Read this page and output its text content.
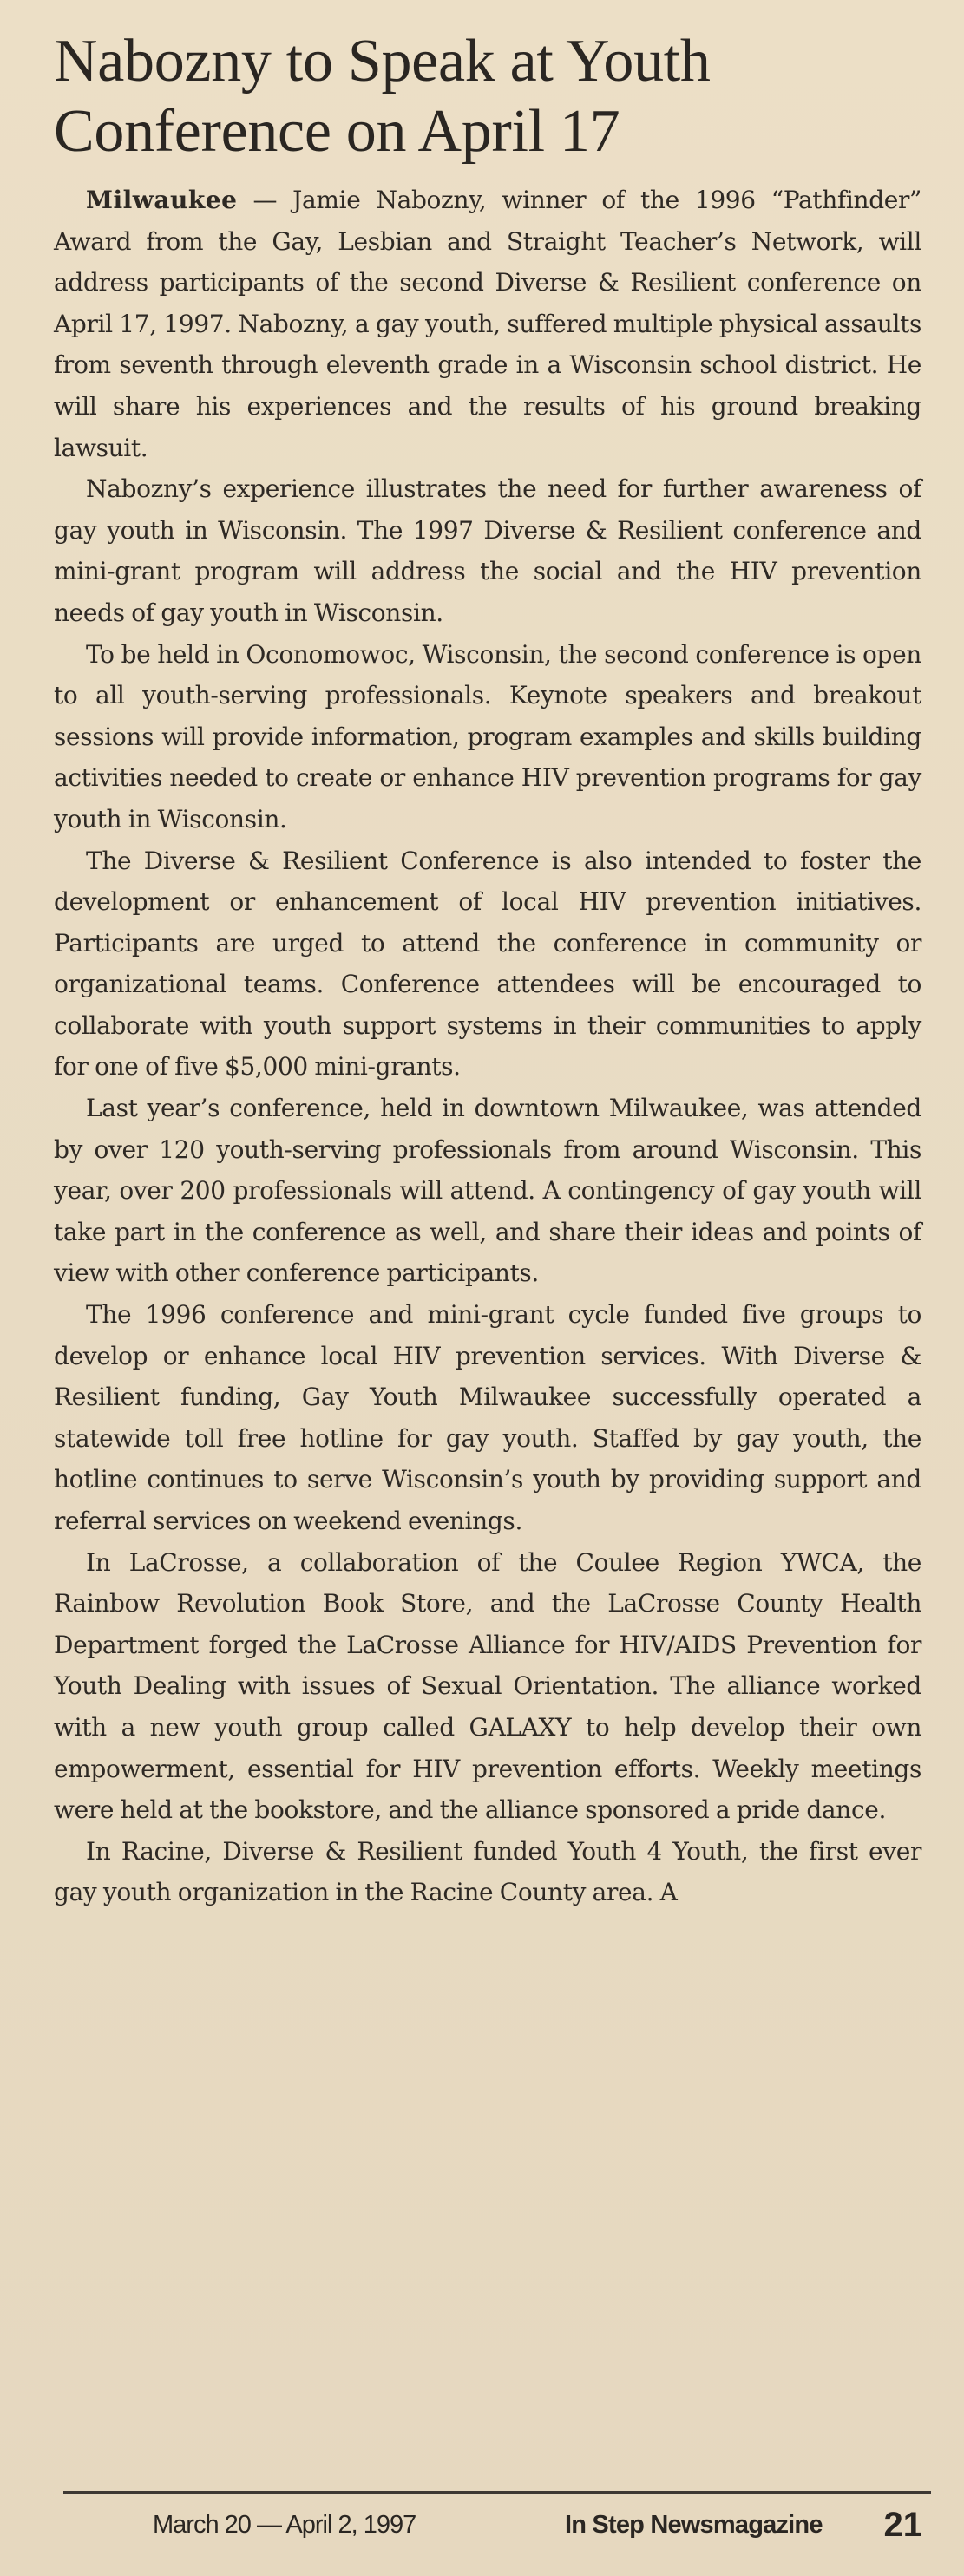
Nabozny to Speak at Youth Conference on April 17

Milwaukee — Jamie Nabozny, winner of the 1996 “Pathfinder” Award from the Gay, Lesbian and Straight Teacher’s Network, will address participants of the second Diverse & Resilient conference on April 17, 1997. Nabozny, a gay youth, suffered multiple physical assaults from seventh through eleventh grade in a Wisconsin school district. He will share his experiences and the results of his ground breaking lawsuit.

Nabozny’s experience illustrates the need for further awareness of gay youth in Wisconsin. The 1997 Diverse & Resilient conference and mini-grant program will address the social and the HIV prevention needs of gay youth in Wisconsin.

To be held in Oconomowoc, Wisconsin, the second conference is open to all youth-serving professionals. Keynote speakers and breakout sessions will provide information, program examples and skills building activities needed to create or enhance HIV prevention programs for gay youth in Wisconsin.

The Diverse & Resilient Conference is also intended to foster the development or enhancement of local HIV prevention initiatives. Participants are urged to attend the conference in community or organizational teams. Conference attendees will be encouraged to collaborate with youth support systems in their communities to apply for one of five $5,000 mini-grants.

Last year’s conference, held in downtown Milwaukee, was attended by over 120 youth-serving professionals from around Wisconsin. This year, over 200 professionals will attend. A contingency of gay youth will take part in the conference as well, and share their ideas and points of view with other conference participants.

The 1996 conference and mini-grant cycle funded five groups to develop or enhance local HIV prevention services. With Diverse & Resilient funding, Gay Youth Milwaukee successfully operated a statewide toll free hotline for gay youth. Staffed by gay youth, the hotline continues to serve Wisconsin’s youth by providing support and referral services on weekend evenings.

In LaCrosse, a collaboration of the Coulee Region YWCA, the Rainbow Revolution Book Store, and the LaCrosse County Health Department forged the LaCrosse Alliance for HIV/AIDS Prevention for Youth Dealing with issues of Sexual Orientation. The alliance worked with a new youth group called GALAXY to help develop their own empowerment, essential for HIV prevention efforts. Weekly meetings were held at the bookstore, and the alliance sponsored a pride dance.

In Racine, Diverse & Resilient funded Youth 4 Youth, the first ever gay youth organization in the Racine County area. A

March 20 — April 2, 1997	In Step Newsmagazine 21
